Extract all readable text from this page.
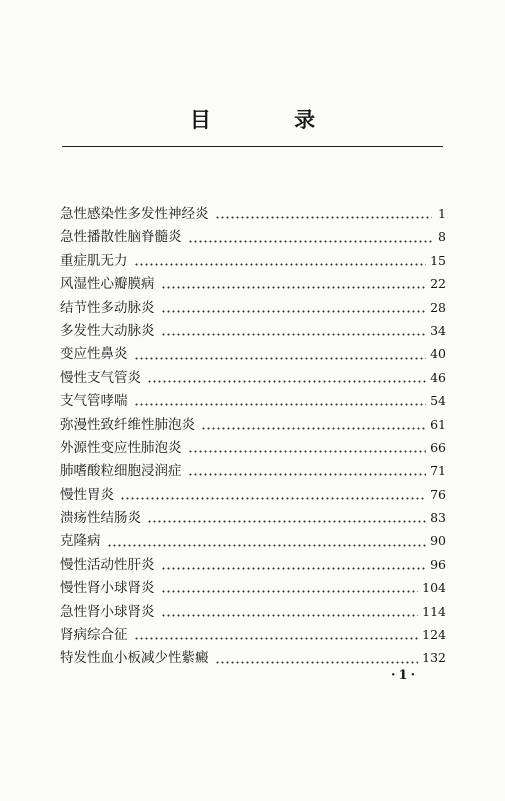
目 录
急性感染性多发性神经炎	1
急性播散性脑脊髓炎	8
重症肌无力	15
风湿性心瓣膜病	22
结节性多动脉炎	28
多发性大动脉炎	34
变应性鼻炎	40
慢性支气管炎	46
支气管哮喘	54
弥漫性致纤维性肺泡炎	61
外源性变应性肺泡炎	66
肺嗜酸粒细胞浸润症	71
慢性胃炎	76
溃疡性结肠炎	83
克隆病	90
慢性活动性肝炎	96
慢性肾小球肾炎	104
急性肾小球肾炎	114
肾病综合征	124
特发性血小板减少性紫癜	132
· 1 ·
